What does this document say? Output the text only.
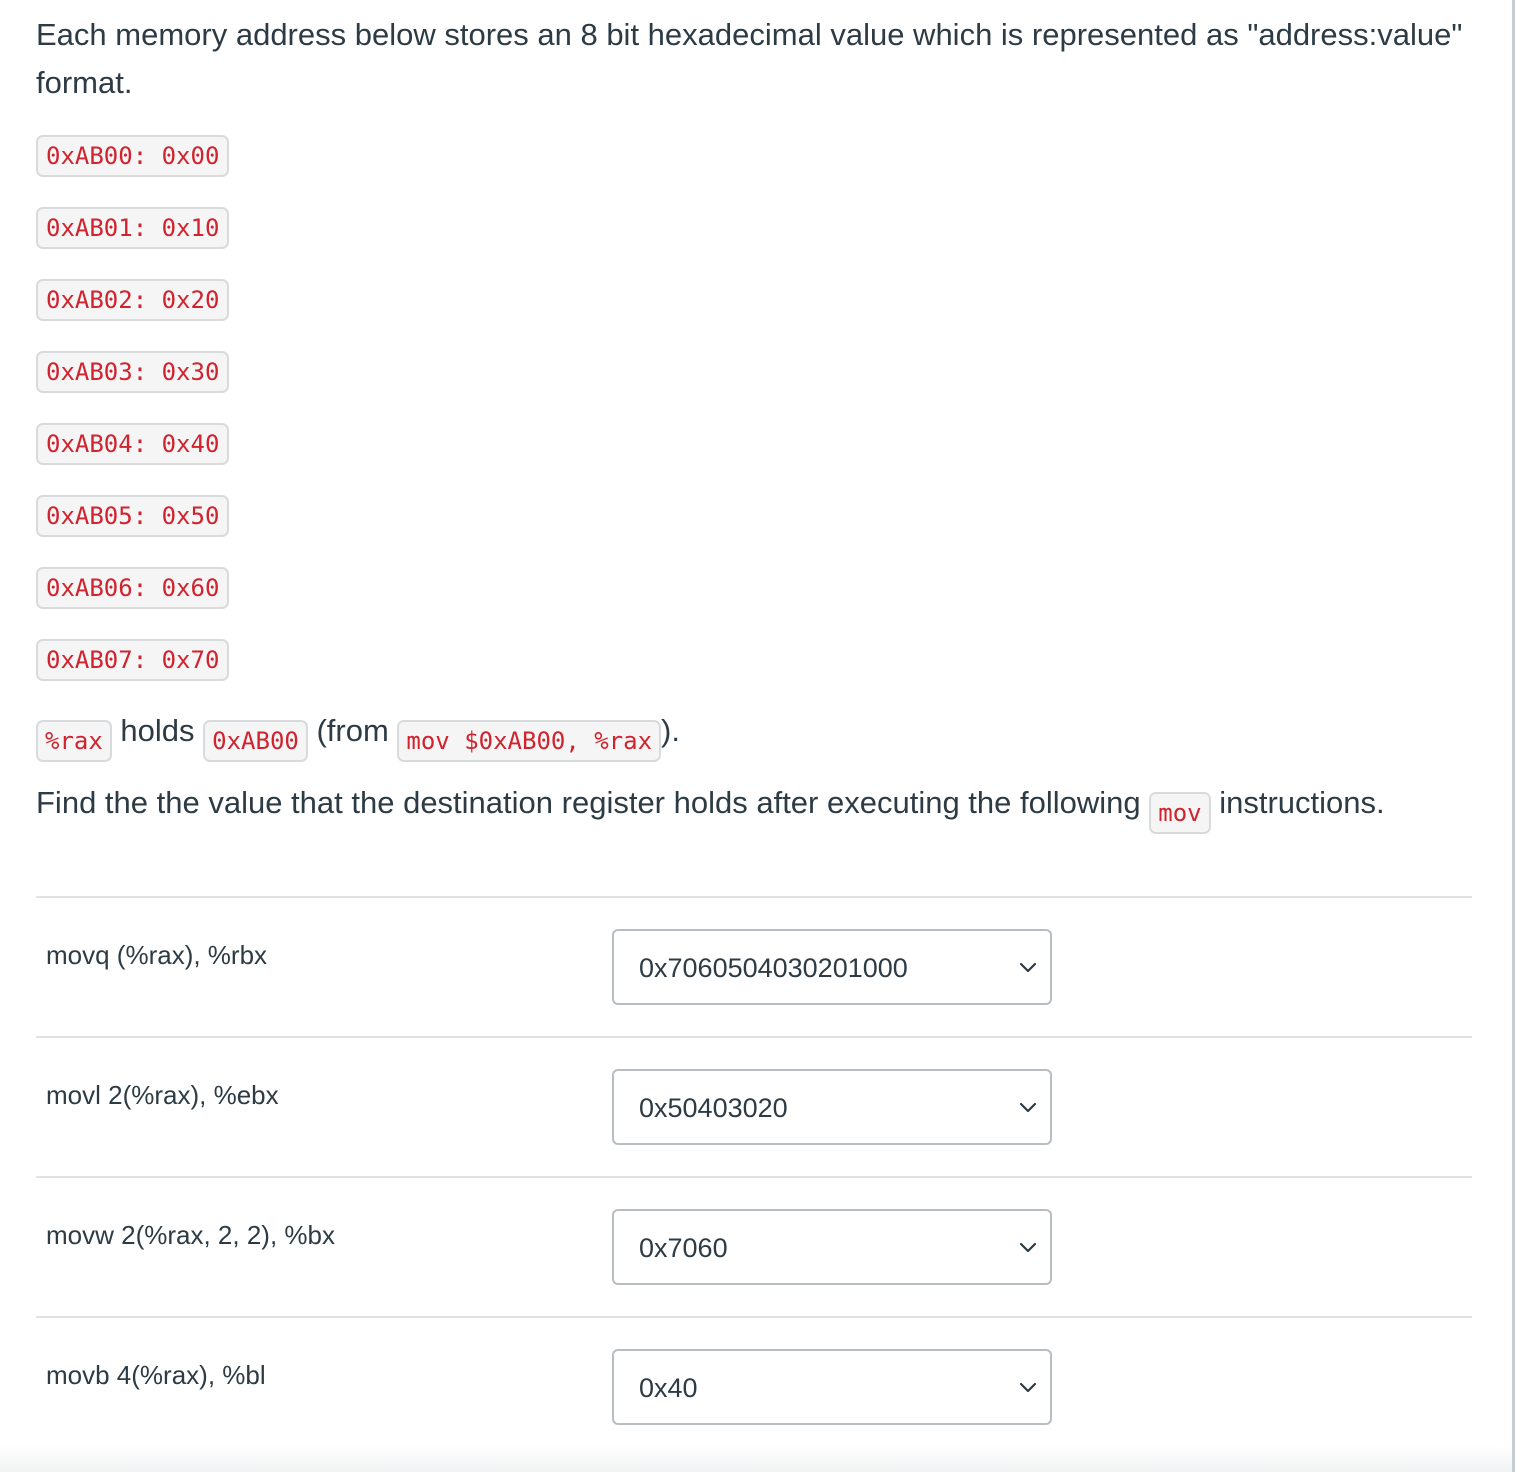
Each memory address below stores an 8 bit hexadecimal value which is represented as "address:value" format.

0xAB00: 0x00
0xAB01: 0x10
0xAB02: 0x20
0xAB03: 0x30
0xAB04: 0x40
0xAB05: 0x50
0xAB06: 0x60
0xAB07: 0x70
%rax holds 0xAB00 (from mov $0xAB00, %rax ).
Find the the value that the destination register holds after executing the following mov instructions.
movq (%rax), %rbx	0x7060504030201000
movl 2(%rax), %ebx	0x50403020
movw 2(%rax, 2, 2), %bx	0x7060
movb 4(%rax), %bl	0x40
